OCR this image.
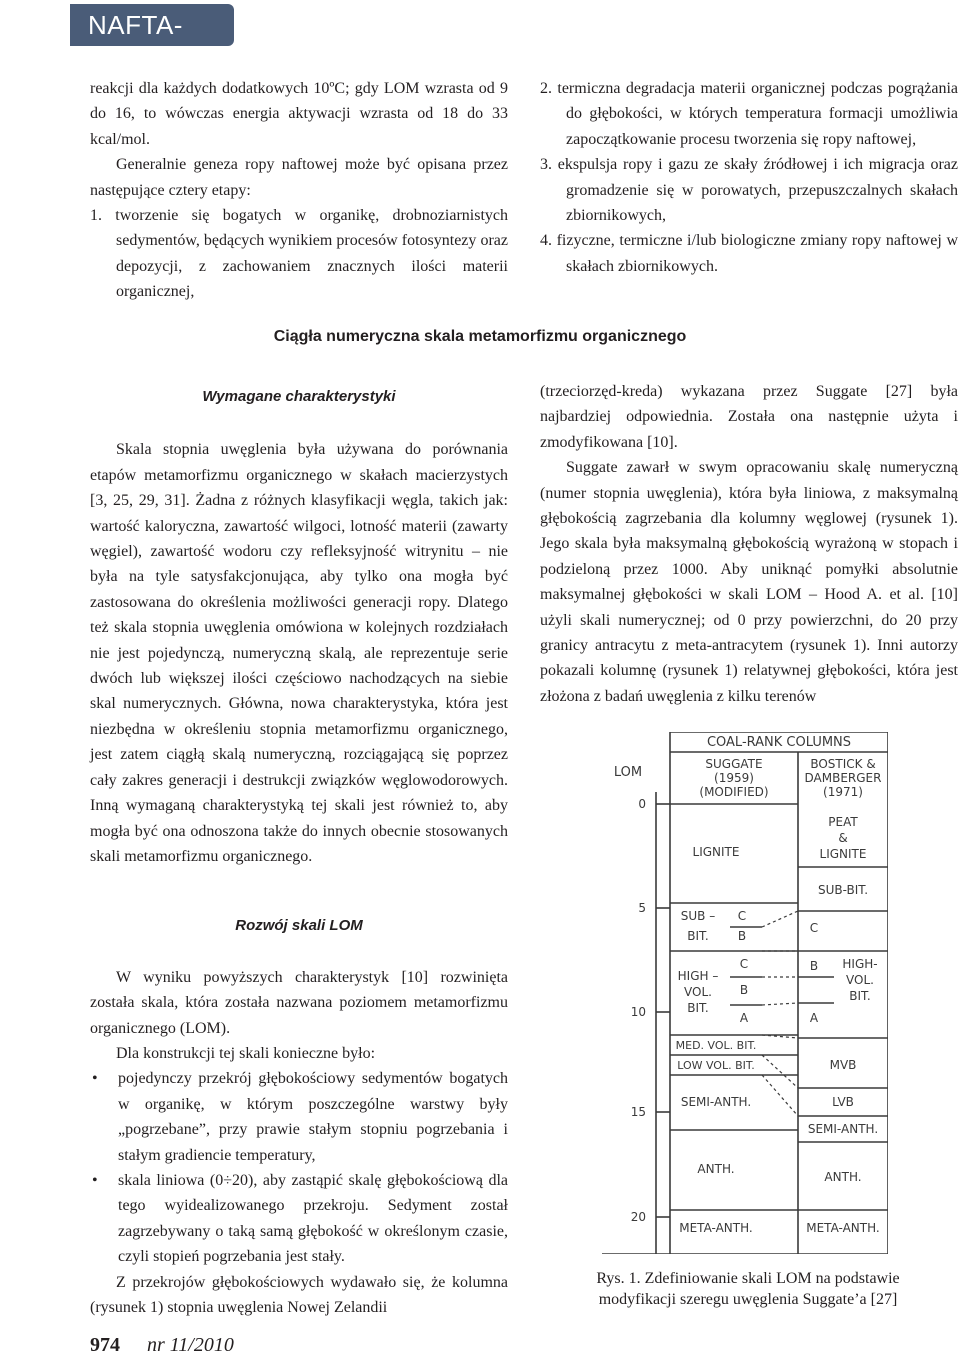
NAFTA-GAZ

reakcji dla każdych dodatkowych 10ºC; gdy LOM wzrasta od 9 do 16, to wówczas energia aktywacji wzrasta od 18 do 33 kcal/mol.

Generalnie geneza ropy naftowej może być opisana przez następujące cztery etapy:

1. tworzenie się bogatych w organikę, drobnoziarnistych sedymentów, będących wynikiem procesów fotosyntezy oraz depozycji, z zachowaniem znacznych ilości materii organicznej,

2. termiczna degradacja materii organicznej podczas pogrążania do głębokości, w których temperatura formacji umożliwia zapoczątkowanie procesu tworzenia się ropy naftowej,

3. ekspulsja ropy i gazu ze skały źródłowej i ich migracja oraz gromadzenie się w porowatych, przepuszczalnych skałach zbiornikowych,

4. fizyczne, termiczne i/lub biologiczne zmiany ropy naftowej w skałach zbiornikowych.

Ciągła numeryczna skala metamorfizmu organicznego

Wymagane charakterystyki

Skala stopnia uwęglenia była używana do porównania etapów metamorfizmu organicznego w skałach macierzystych [3, 25, 29, 31]. Żadna z różnych klasyfikacji węgla, takich jak: wartość kaloryczna, zawartość wilgoci, lotność materii (zawarty węgiel), zawartość wodoru czy refleksyjność witrynitu – nie była na tyle satysfakcjonująca, aby tylko ona mogła być zastosowana do określenia możliwości generacji ropy. Dlatego też skala stopnia uwęglenia omówiona w kolejnych rozdziałach nie jest pojedynczą, numeryczną skalą, ale reprezentuje serie dwóch lub większej ilości częściowo nachodzących na siebie skal numerycznych. Główna, nowa charakterystyka, która jest niezbędna w określeniu stopnia metamorfizmu organicznego, jest zatem ciągłą skalą numeryczną, rozciągającą się poprzez cały zakres generacji i destrukcji związków węglowodorowych. Inną wymaganą charakterystyką tej skali jest również to, aby mogła być ona odnoszona także do innych obecnie stosowanych skali metamorfizmu organicznego.

Rozwój skali LOM

W wyniku powyższych charakterystyk [10] rozwinięta została skala, która została nazwana poziomem metamorfizmu organicznego (LOM).

Dla konstrukcji tej skali konieczne było:

• pojedynczy przekrój głębokościowy sedymentów bogatych w organikę, w którym poszczególne warstwy były „pogrzebane”, przy prawie stałym stopniu pogrzebania i stałym gradiencie temperatury,

• skala liniowa (0÷20), aby zastąpić skalę głębokościową dla tego wyidealizowanego przekroju. Sedyment został zagrzebywany o taką samą głębokość w określonym czasie, czyli stopień pogrzebania jest stały.

Z przekrojów głębokościowych wydawało się, że kolumna (rysunek 1) stopnia uwęglenia Nowej Zelandii

(trzeciorzęd-kreda) wykazana przez Suggate [27] była najbardziej odpowiednia. Została ona następnie użyta i zmodyfikowana [10].

Suggate zawarł w swym opracowaniu skalę numeryczną (numer stopnia uwęglenia), która była liniowa, z maksymalną głębokością zagrzebania dla kolumny węglowej (rysunek 1). Jego skala była maksymalną głębokością wyrażoną w stopach i podzieloną przez 1000. Aby uniknąć pomyłki absolutnie maksymalnej głębokości w skali LOM – Hood A. et al. [10] użyli skali numerycznej; od 0 przy powierzchni, do 20 przy granicy antracytu z meta-antracytem (rysunek 1). Inni autorzy pokazali kolumnę (rysunek 1) relatywnej głębokości, która jest złożona z badań uwęglenia z kilku terenów

COAL-RANK COLUMNS
LOM
SUGGATE
(1959)
(MODIFIED)
BOSTICK &
DAMBERGER
(1971)
0
5
10
15
20
LIGNITE
SUB –
BIT.
C
B
HIGH –
VOL.
BIT.
C
B
A
MED. VOL. BIT.
LOW VOL. BIT.
SEMI-ANTH.
ANTH.
META-ANTH.
PEAT
&
LIGNITE
SUB-BIT.
C
B
A
HIGH-
VOL.
BIT.
MVB
LVB
SEMI-ANTH.
ANTH.
META-ANTH.
Rys. 1. Zdefiniowanie skali LOM na podstawie
modyfikacji szeregu uwęglenia Suggate’a [27]
974 nr 11/2010
